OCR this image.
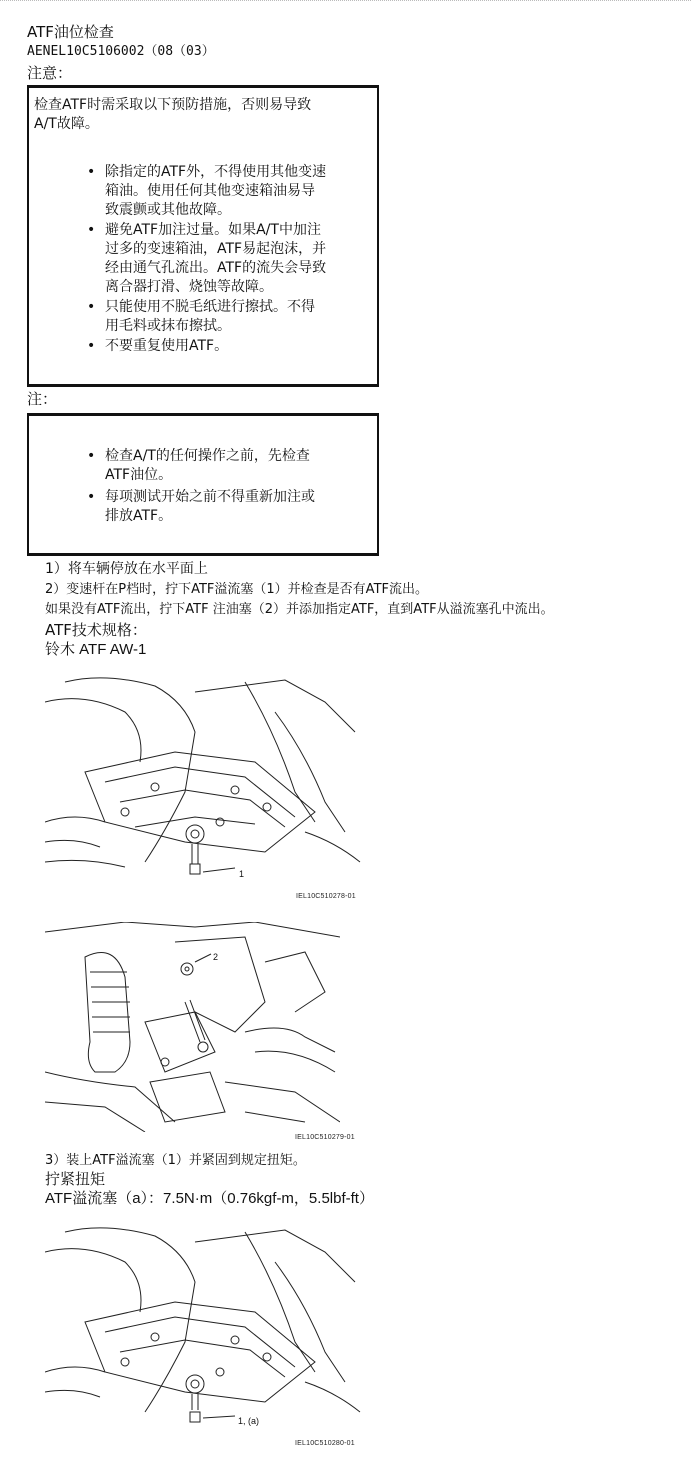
ATF油位检查
AENEL10C5106002（08（03）
注意：
检查ATF时需采取以下预防措施，否则易导致
A/T故障。
• 除指定的ATF外，不得使用其他变速
箱油。使用任何其他变速箱油易导
致震颤或其他故障。
• 避免ATF加注过量。如果A/T中加注
过多的变速箱油，ATF易起泡沫，并
经由通气孔流出。ATF的流失会导致
离合器打滑、烧蚀等故障。
• 只能使用不脱毛纸进行擦拭。不得
用毛料或抹布擦拭。
• 不要重复使用ATF。
注：
• 检查A/T的任何操作之前，先检查
ATF油位。
• 每项测试开始之前不得重新加注或
排放ATF。
1）将车辆停放在水平面上
2）变速杆在P档时，拧下ATF溢流塞（1）并检查是否有ATF流出。
如果没有ATF流出，拧下ATF 注油塞（2）并添加指定ATF，直到ATF从溢流塞孔中流出。
ATF技术规格：
铃木 ATF AW-1
1
IEL10C510278-01
2
IEL10C510279-01
3）装上ATF溢流塞（1）并紧固到规定扭矩。
拧紧扭矩
ATF溢流塞（a）：7.5N·m（0.76kgf-m，5.5lbf-ft）
1, (a)
IEL10C510280-01
